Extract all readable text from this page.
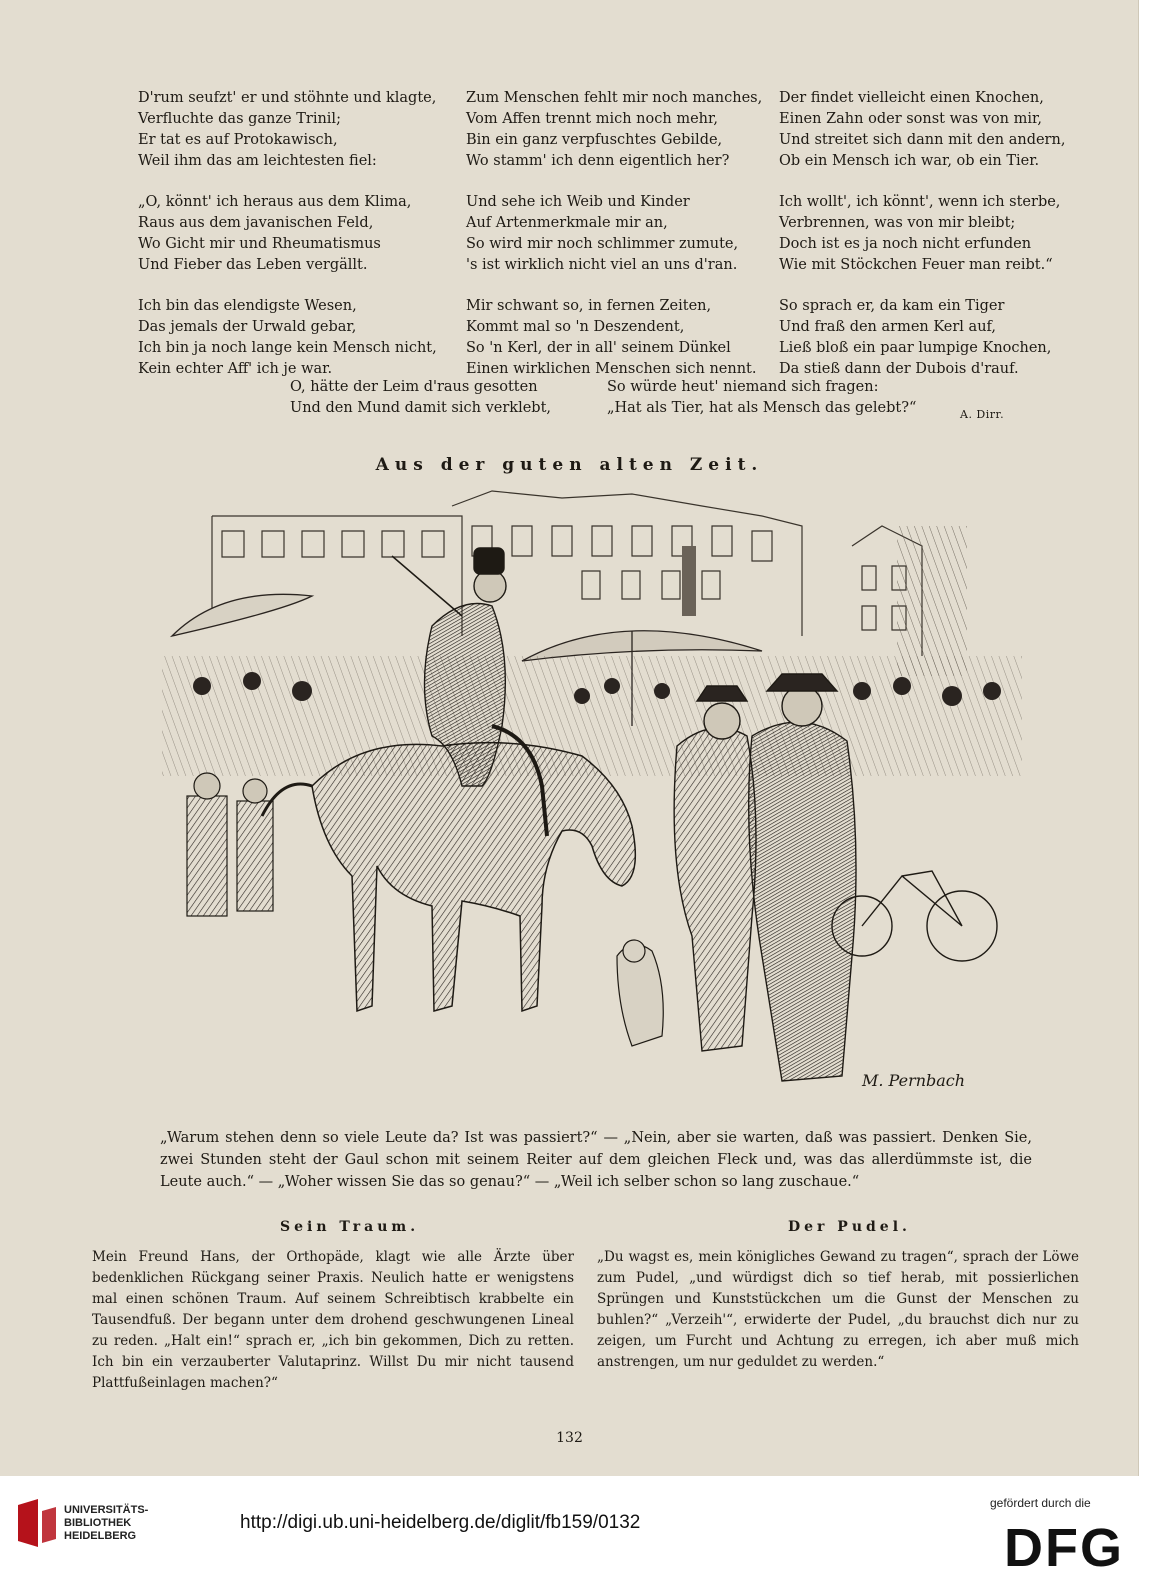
D'rum seufzt' er und stöhnte und klagte,
Verfluchte das ganze Trinil;
Er tat es auf Protokawisch,
Weil ihm das am leichtesten fiel:
Zum Menschen fehlt mir noch manches,
Vom Affen trennt mich noch mehr,
Bin ein ganz verpfuschtes Gebilde,
Wo stamm' ich denn eigentlich her?
Der findet vielleicht einen Knochen,
Einen Zahn oder sonst was von mir,
Und streitet sich dann mit den andern,
Ob ein Mensch ich war, ob ein Tier.
„O, könnt' ich heraus aus dem Klima,
Raus aus dem javanischen Feld,
Wo Gicht mir und Rheumatismus
Und Fieber das Leben vergällt.
Und sehe ich Weib und Kinder
Auf Artenmerkmale mir an,
So wird mir noch schlimmer zumute,
's ist wirklich nicht viel an uns d'ran.
Ich wollt', ich könnt', wenn ich sterbe,
Verbrennen, was von mir bleibt;
Doch ist es ja noch nicht erfunden
Wie mit Stöckchen Feuer man reibt.“
Ich bin das elendigste Wesen,
Das jemals der Urwald gebar,
Ich bin ja noch lange kein Mensch nicht,
Kein echter Aff' ich je war.
Mir schwant so, in fernen Zeiten,
Kommt mal so 'n Deszendent,
So 'n Kerl, der in all' seinem Dünkel
Einen wirklichen Menschen sich nennt.
So sprach er, da kam ein Tiger
Und fraß den armen Kerl auf,
Ließ bloß ein paar lumpige Knochen,
Da stieß dann der Dubois d'rauf.
O, hätte der Leim d'raus gesotten
Und den Mund damit sich verklebt,
So würde heut' niemand sich fragen:
„Hat als Tier, hat als Mensch das gelebt?“	A. Dirr.
Aus der guten alten Zeit.
M. Pernbach
„Warum stehen denn so viele Leute da? Ist was passiert?“ — „Nein, aber sie warten, daß was passiert. Denken Sie, zwei Stunden steht der Gaul schon mit seinem Reiter auf dem gleichen Fleck und, was das allerdümmste ist, die Leute auch.“ — „Woher wissen Sie das so genau?“ — „Weil ich selber schon so lang zuschaue.“
Sein Traum.
Mein Freund Hans, der Orthopäde, klagt wie alle Ärzte über bedenklichen Rückgang seiner Praxis. Neulich hatte er wenigstens mal einen schönen Traum. Auf seinem Schreibtisch krabbelte ein Tausendfuß. Der begann unter dem drohend geschwungenen Lineal zu reden. „Halt ein!“ sprach er, „ich bin gekommen, Dich zu retten. Ich bin ein verzauberter Valutaprinz. Willst Du mir nicht tausend Plattfußeinlagen machen?“
Der Pudel.
„Du wagst es, mein königliches Gewand zu tragen“, sprach der Löwe zum Pudel, „und würdigst dich so tief herab, mit possierlichen Sprüngen und Kunststückchen um die Gunst der Menschen zu buhlen?“ „Verzeih'“, erwiderte der Pudel, „du brauchst dich nur zu zeigen, um Furcht und Achtung zu erregen, ich aber muß mich anstrengen, um nur geduldet zu werden.“
132
UNIVERSITÄTS-
BIBLIOTHEK
HEIDELBERG
http://digi.ub.uni-heidelberg.de/diglit/fb159/0132
gefördert durch die
DFG
